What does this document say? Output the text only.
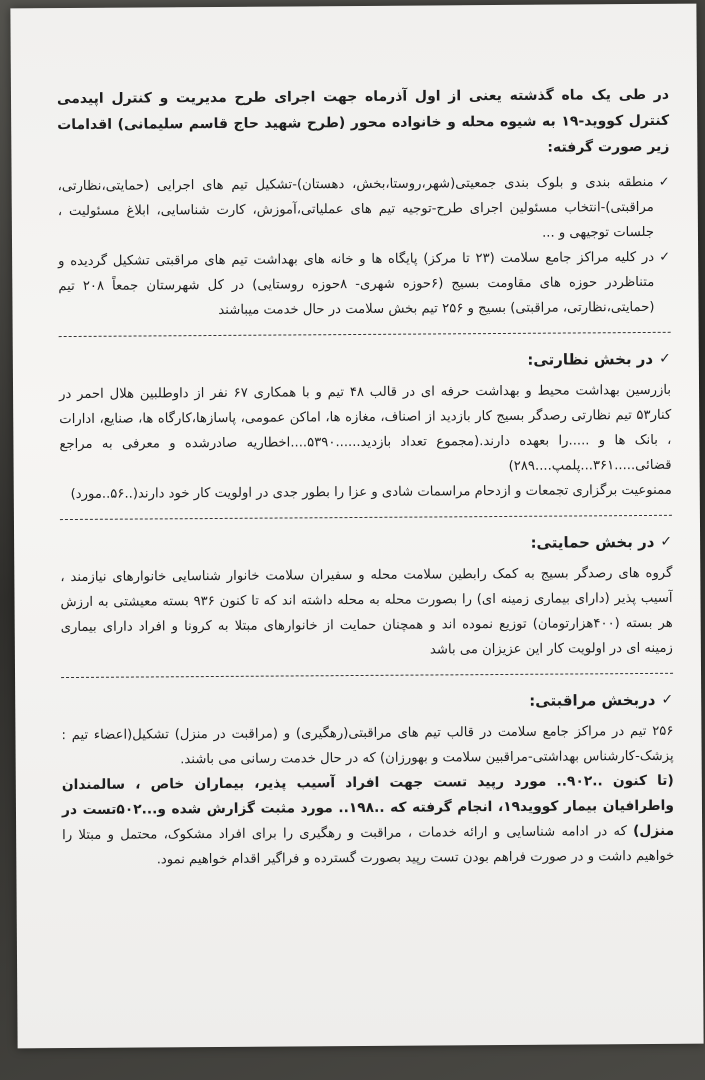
در طی یک ماه گذشته یعنی از اول آذرماه جهت اجرای طرح مدیریت و کنترل اپیدمی کنترل کووید-۱۹ به شیوه محله و خانواده محور (طرح شهید حاج قاسم سلیمانی) اقدامات زیر صورت گرفته:

✓
منطقه بندی و بلوک بندی جمعیتی(شهر،روستا،بخش، دهستان)-تشکیل تیم های اجرایی (حمایتی،نظارتی، مراقبتی)-انتخاب مسئولین اجرای طرح-توجیه تیم های عملیاتی،آموزش، کارت شناسایی، ابلاغ مسئولیت ، جلسات توجیهی و ...

✓
در کلیه مراکز جامع سلامت (۲۳ تا مرکز) پایگاه ها و خانه های بهداشت تیم های مراقبتی تشکیل گردیده و متناظردر حوزه های مقاومت بسیج (۶حوزه شهری- ۸حوزه روستایی) در کل شهرستان جمعاً ۲۰۸ تیم (حمایتی،نظارتی، مراقبتی) بسیج و ۲۵۶ تیم بخش سلامت در حال خدمت میباشند

✓
در بخش نظارتی:

بازرسین بهداشت محیط و بهداشت حرفه ای در قالب ۴۸ تیم و با همکاری ۶۷ نفر از داوطلبین هلال احمر در کنار۵۳ تیم نظارتی رصدگر بسیج کار بازدید از اصناف، مغازه ها، اماکن عمومی، پاسازها،کارگاه ها، صنایع، ادارات ، بانک ها و .....را بعهده دارند.(مجموع تعداد بازدید......۵۳۹۰....اخطاریه صادرشده و معرفی به مراجع قضائی.....۳۶۱...پلمپ....۲۸۹)

ممنوعیت برگزاری تجمعات و ازدحام مراسمات شادی و عزا را بطور جدی در اولویت کار خود دارند(..۵۶..مورد)

✓
در بخش حمایتی:

گروه های رصدگر بسیج به کمک رابطین سلامت محله و سفیران سلامت خانوار شناسایی خانوارهای نیازمند ، آسیب پذیر (دارای بیماری زمینه ای) را بصورت محله به محله داشته اند که تا کنون ۹۳۶ بسته معیشتی به ارزش هر بسته (۴۰۰هزارتومان) توزیع نموده اند و همچنان حمایت از خانوارهای مبتلا به کرونا و افراد دارای بیماری زمینه ای در اولویت کار این عزیزان می باشد

✓
دربخش مراقبتی:

۲۵۶ تیم در مراکز جامع سلامت در قالب تیم های مراقبتی(رهگیری) و (مراقبت در منزل) تشکیل(اعضاء تیم : پزشک-کارشناس بهداشتی-مراقبین سلامت و بهورزان) که در حال خدمت رسانی می باشند.

(تا کنون ..۹۰۲.. مورد رپید تست جهت افراد آسیب پذیر، بیماران خاص ، سالمندان واطرافیان بیمار کووید۱۹، انجام گرفته که ..۱۹۸.. مورد مثبت گزارش شده و...۵۰۲تست در منزل) که در ادامه شناسایی و ارائه خدمات ، مراقبت و رهگیری را برای افراد مشکوک، محتمل و مبتلا را خواهیم داشت و در صورت فراهم بودن تست رپید بصورت گسترده و فراگیر اقدام خواهیم نمود.
